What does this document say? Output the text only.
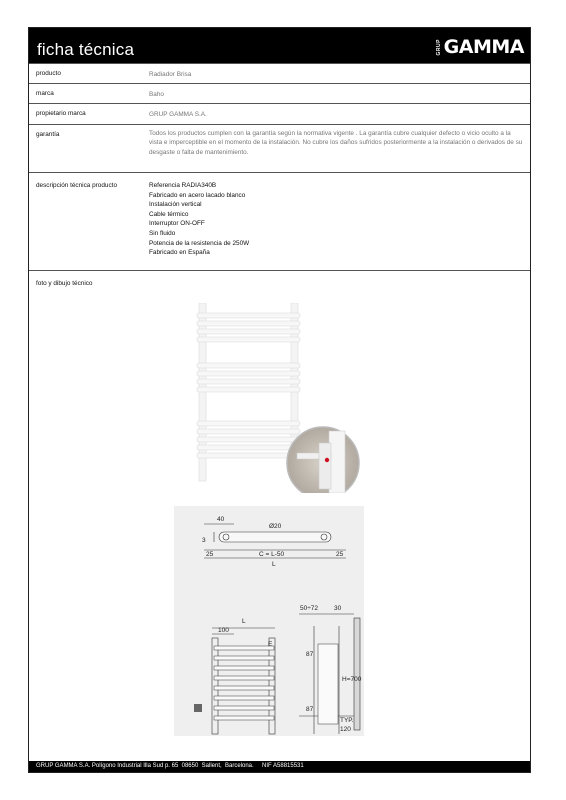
ficha técnica	GRUP GAMMA
producto	Radiador Brisa
marca	Baho
propietario marca	GRUP GAMMA S.A.
garantía	Todos los productos cumplen con la garantía según la normativa vigente . La garantía cubre cualquier defecto o vicio oculto a la vista e imperceptible en el momento de la instalación. No cubre los daños sufridos posteriormente a la instalación o derivados de su desgaste o falta de mantenimiento.
descripción técnica producto	Referencia RADIA340B
Fabricado en acero lacado blanco
Instalación vertical
Cable térmico
Interruptor ON-OFF
Sin fluido
Potencia de la resistencia de 250W
Fabricado en España
foto y dibujo técnico
40
Ø20
3
25	C = L-50	25
L
100
L
E
50÷72 30
87
87
H=700
TYP.
120
GRUP GAMMA S.A. Polígono Industrial Illa Sud p. 65  08650  Sallent,  Barcelona.     NIF A58815531
